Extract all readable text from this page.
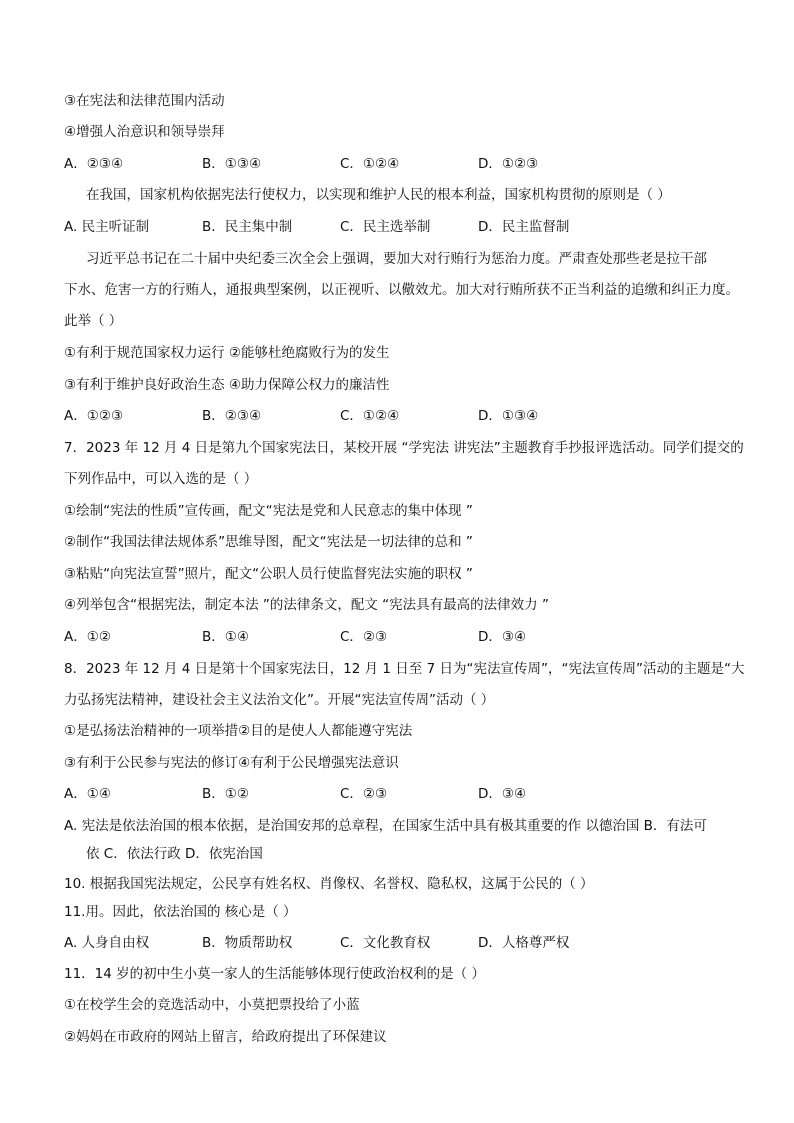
③在宪法和法律范围内活动
④增强人治意识和领导崇拜
A．②③④	B．①③④	C．①②④	D．①②③
在我国，国家机构依据宪法行使权力，以实现和维护人民的根本利益，国家机构贯彻的原则是（ ）
A. 民主听证制	B．民主集中制	C．民主选举制	D．民主监督制
习近平总书记在二十届中央纪委三次全会上强调，要加大对行贿行为惩治力度。严肃查处那些老是拉干部
下水、危害一方的行贿人，通报典型案例，以正视听、以儆效尤。加大对行贿所获不正当利益的追缴和纠正力度。
此举（ ）
①有利于规范国家权力运行 ②能够杜绝腐败行为的发生
③有利于维护良好政治生态 ④助力保障公权力的廉洁性
A．①②③	B．②③④	C．①②④	D．①③④
7．2023 年 12 月 4 日是第九个国家宪法日，某校开展 “学宪法 讲宪法”主题教育手抄报评选活动。同学们提交的
下列作品中，可以入选的是（ ）
①绘制“宪法的性质”宣传画，配文“宪法是党和人民意志的集中体现 ”
②制作“我国法律法规体系”思维导图，配文“宪法是一切法律的总和 ”
③粘贴“向宪法宣誓”照片，配文“公职人员行使监督宪法实施的职权 ”
④列举包含“根据宪法，制定本法 ”的法律条文，配文 “宪法具有最高的法律效力 ”
A．①②	B．①④	C．②③	D．③④
8．2023 年 12 月 4 日是第十个国家宪法日，12 月 1 日至 7 日为“宪法宣传周”，“宪法宣传周”活动的主题是“大
力弘扬宪法精神，建设社会主义法治文化”。开展“宪法宣传周”活动（ ）
①是弘扬法治精神的一项举措②目的是使人人都能遵守宪法
③有利于公民参与宪法的修订④有利于公民增强宪法意识
A．①④	B．①②	C．②③	D．③④
A. 宪法是依法治国的根本依据，是治国安邦的总章程，在国家生活中具有极其重要的作 以德治国 B．有法可
依 C．依法行政 D．依宪治国
10. 根据我国宪法规定，公民享有姓名权、肖像权、名誉权、隐私权，这属于公民的（ ）
11.用。因此，依法治国的 核心是（ ）
A. 人身自由权	B．物质帮助权	C．文化教育权	D．人格尊严权
11．14 岁的初中生小莫一家人的生活能够体现行使政治权利的是（ ）
①在校学生会的竞选活动中，小莫把票投给了小蓝
②妈妈在市政府的网站上留言，给政府提出了环保建议
